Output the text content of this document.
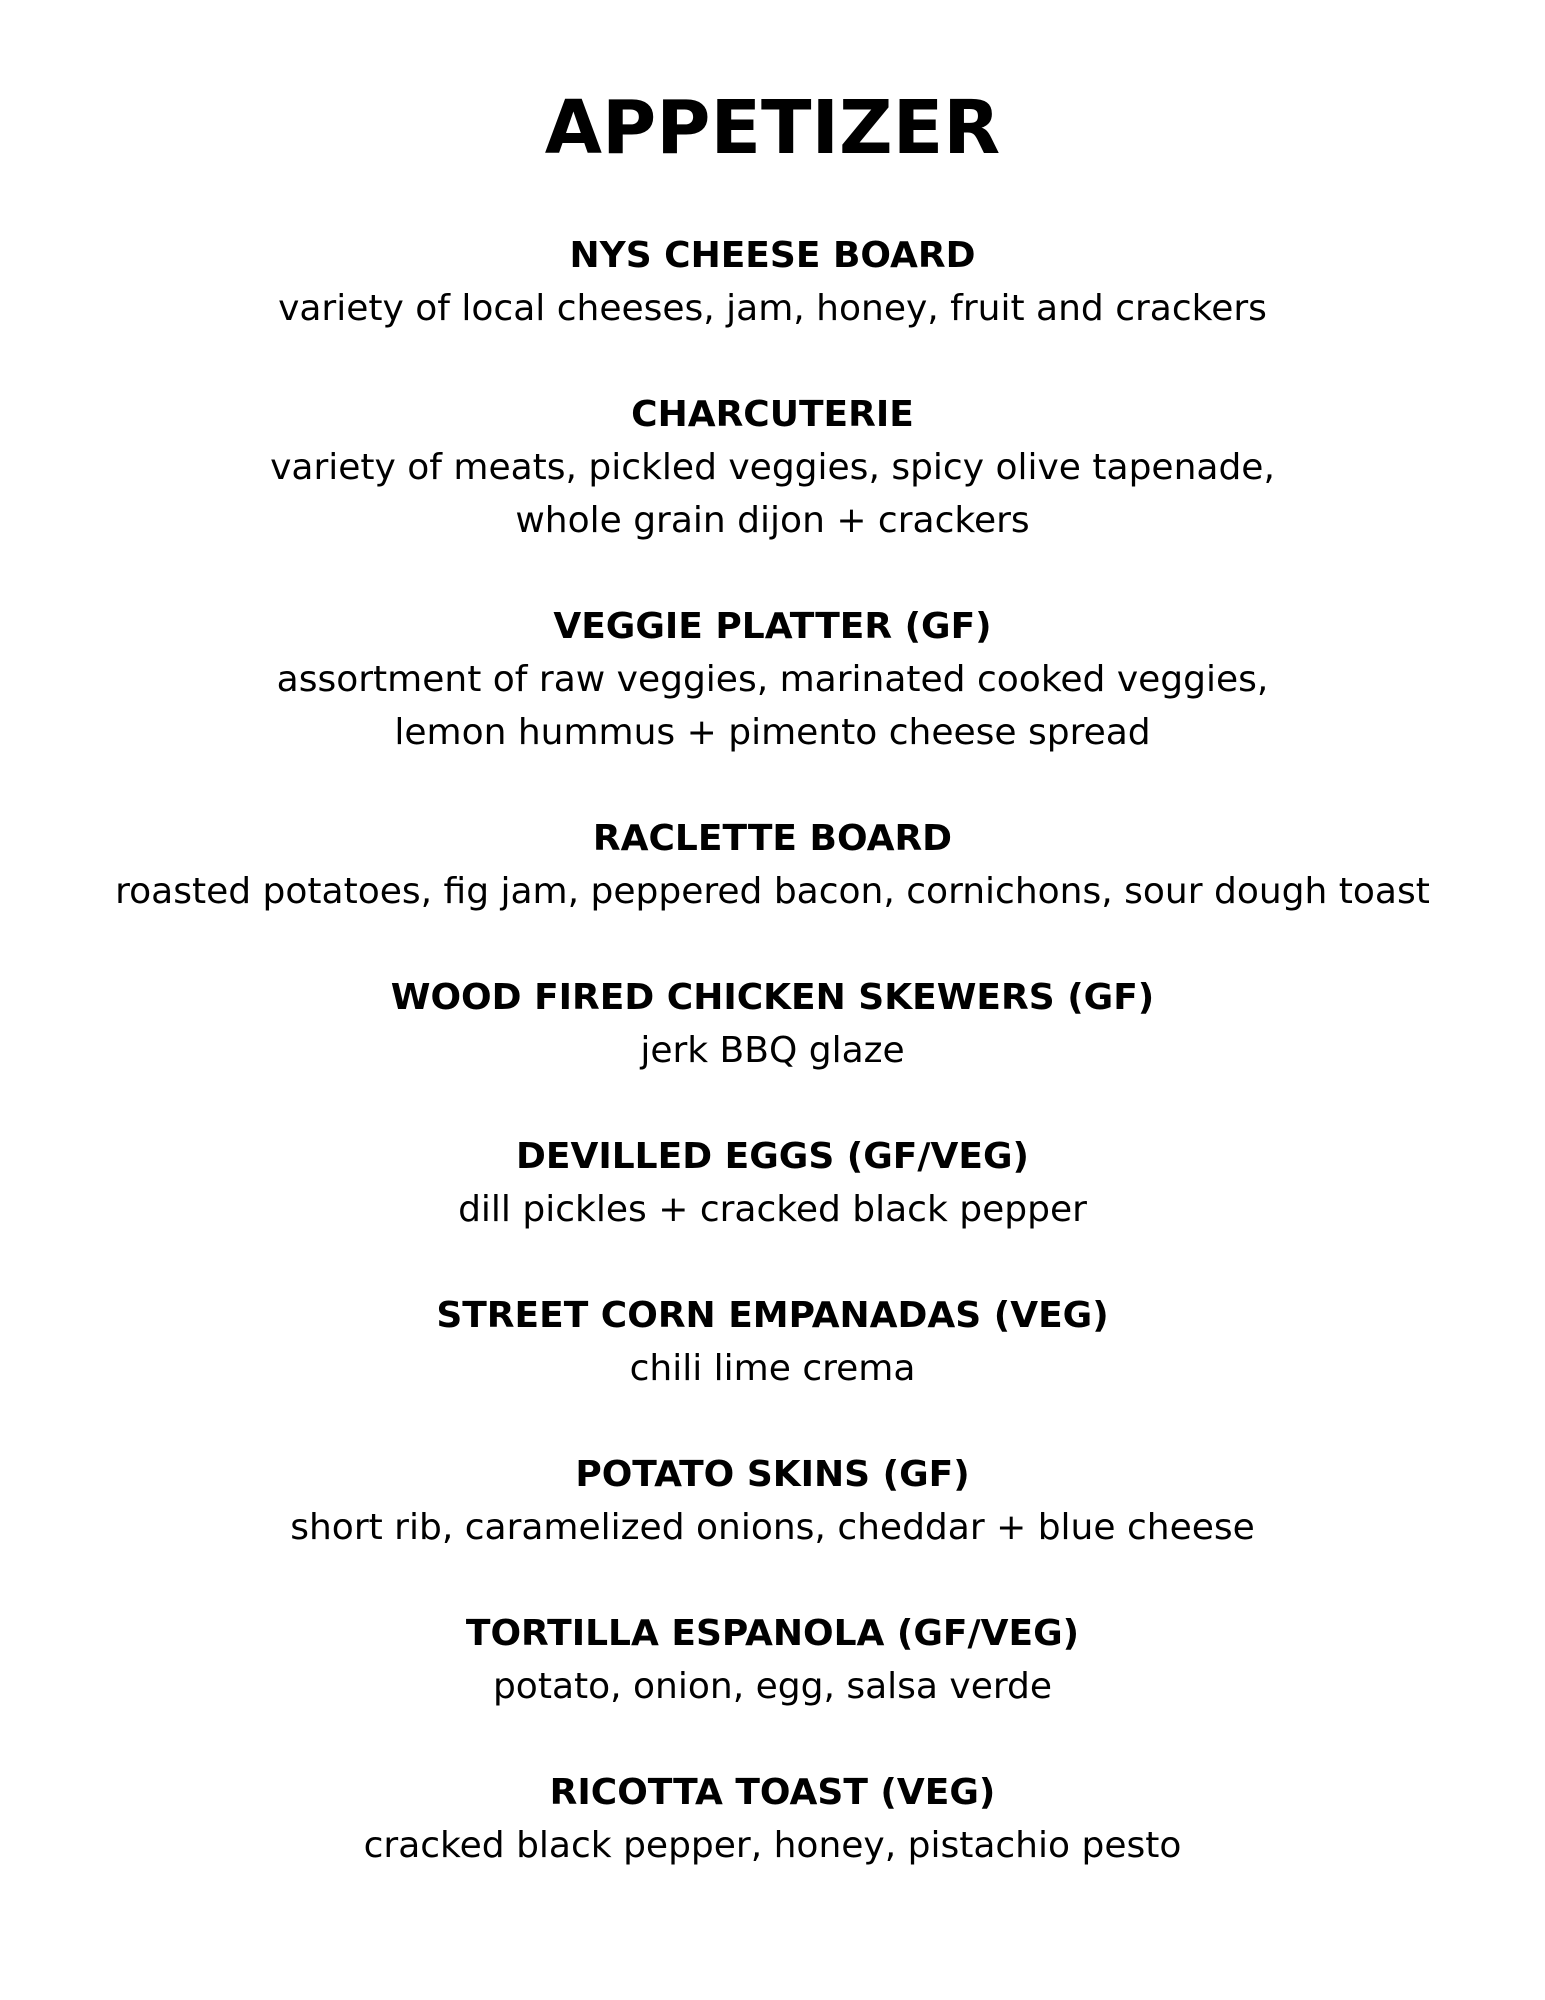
APPETIZER
NYS CHEESE BOARD
variety of local cheeses, jam, honey, fruit and crackers
CHARCUTERIE
variety of meats, pickled veggies, spicy olive tapenade,
whole grain dijon + crackers
VEGGIE PLATTER (GF)
assortment of raw veggies, marinated cooked veggies,
lemon hummus + pimento cheese spread
RACLETTE BOARD
roasted potatoes, fig jam, peppered bacon, cornichons, sour dough toast
WOOD FIRED CHICKEN SKEWERS (GF)
jerk BBQ glaze
DEVILLED EGGS (GF/VEG)
dill pickles + cracked black pepper
STREET CORN EMPANADAS (VEG)
chili lime crema
POTATO SKINS (GF)
short rib, caramelized onions, cheddar + blue cheese
TORTILLA ESPANOLA (GF/VEG)
potato, onion, egg, salsa verde
RICOTTA TOAST (VEG)
cracked black pepper, honey, pistachio pesto
